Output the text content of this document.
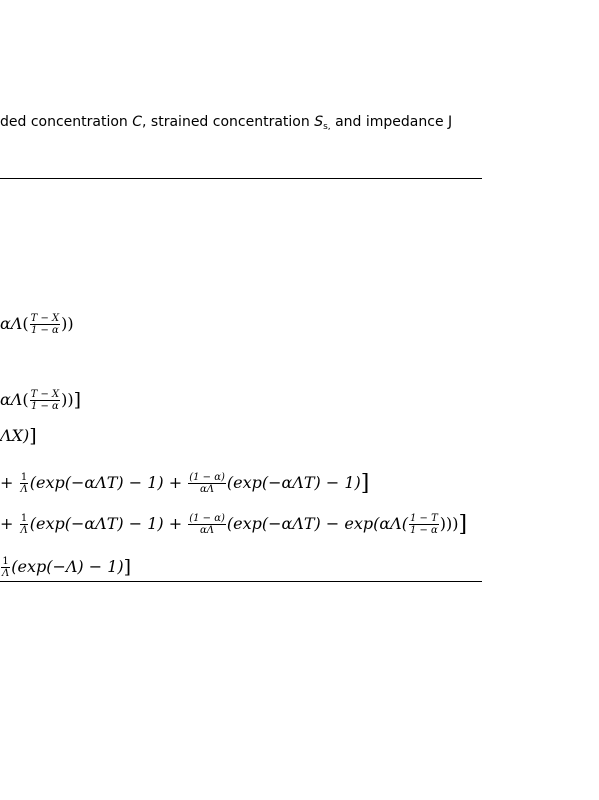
ded concentration C, strained concentration $S_{s,}$ and impedance J
$\alpha\Lambda( \frac{T - X}{1 - \alpha}$ ))
$\alpha\Lambda( \frac{T - X}{1 - \alpha}$ ))]
ΛX)]
+ $\frac{1}{\Lambda} (\exp(-\alpha\Lambda T) - 1) + \frac{(1 - \alpha)}{\alpha\Lambda} (\exp(-\alpha\Lambda T) - 1)$]
+ $\frac{1}{\Lambda} (\exp(-\alpha\Lambda T) - 1) + \frac{(1 - \alpha)}{\alpha\Lambda} (\exp(-\alpha\Lambda T) - \exp(\alpha\Lambda( \frac{1 - T}{1 - \alpha}$ )))]
$\frac{1}{\Lambda} (\exp(-\Lambda) - 1)$]
